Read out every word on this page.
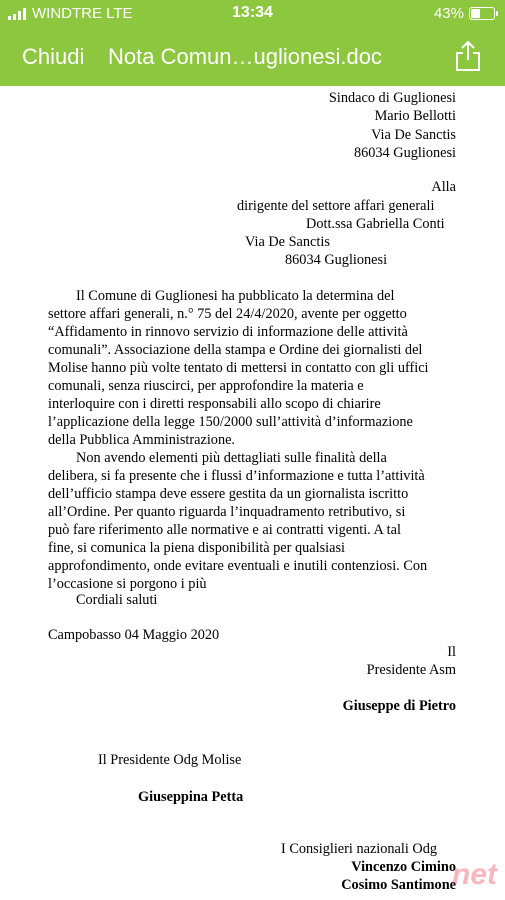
WINDTRE LTE	13:34	43%
Chiudi Nota Comun…uglionesi.doc
Sindaco di Guglionesi
Mario Bellotti
Via De Sanctis
86034 Guglionesi
Alla
dirigente del settore affari generali
Dott.ssa Gabriella Conti
Via De Sanctis
86034 Guglionesi
Il Comune di Guglionesi ha pubblicato la determina del
settore affari generali, n.° 75 del 24/4/2020, avente per oggetto
“Affidamento in rinnovo servizio di informazione delle attività
comunali”. Associazione della stampa e Ordine dei giornalisti del
Molise hanno più volte tentato di mettersi in contatto con gli uffici
comunali, senza riuscirci, per approfondire la materia e
interloquire con i diretti responsabili allo scopo di chiarire
l’applicazione della legge 150/2000 sull’attività d’informazione
della Pubblica Amministrazione.
Non avendo elementi più dettagliati sulle finalità della
delibera, si fa presente che i flussi d’informazione e tutta l’attività
dell’ufficio stampa deve essere gestita da un giornalista iscritto
all’Ordine. Per quanto riguarda l’inquadramento retributivo, si
può fare riferimento alle normative e ai contratti vigenti. A tal
fine, si comunica la piena disponibilità per qualsiasi
approfondimento, onde evitare eventuali e inutili contenziosi. Con
l’occasione si porgono i più
Cordiali saluti
Campobasso 04 Maggio 2020
Il
Presidente Asm
Giuseppe di Pietro
Il Presidente Odg Molise
Giuseppina Petta
I Consiglieri nazionali Odg
Vincenzo Cimino
Cosimo Santimone
net
